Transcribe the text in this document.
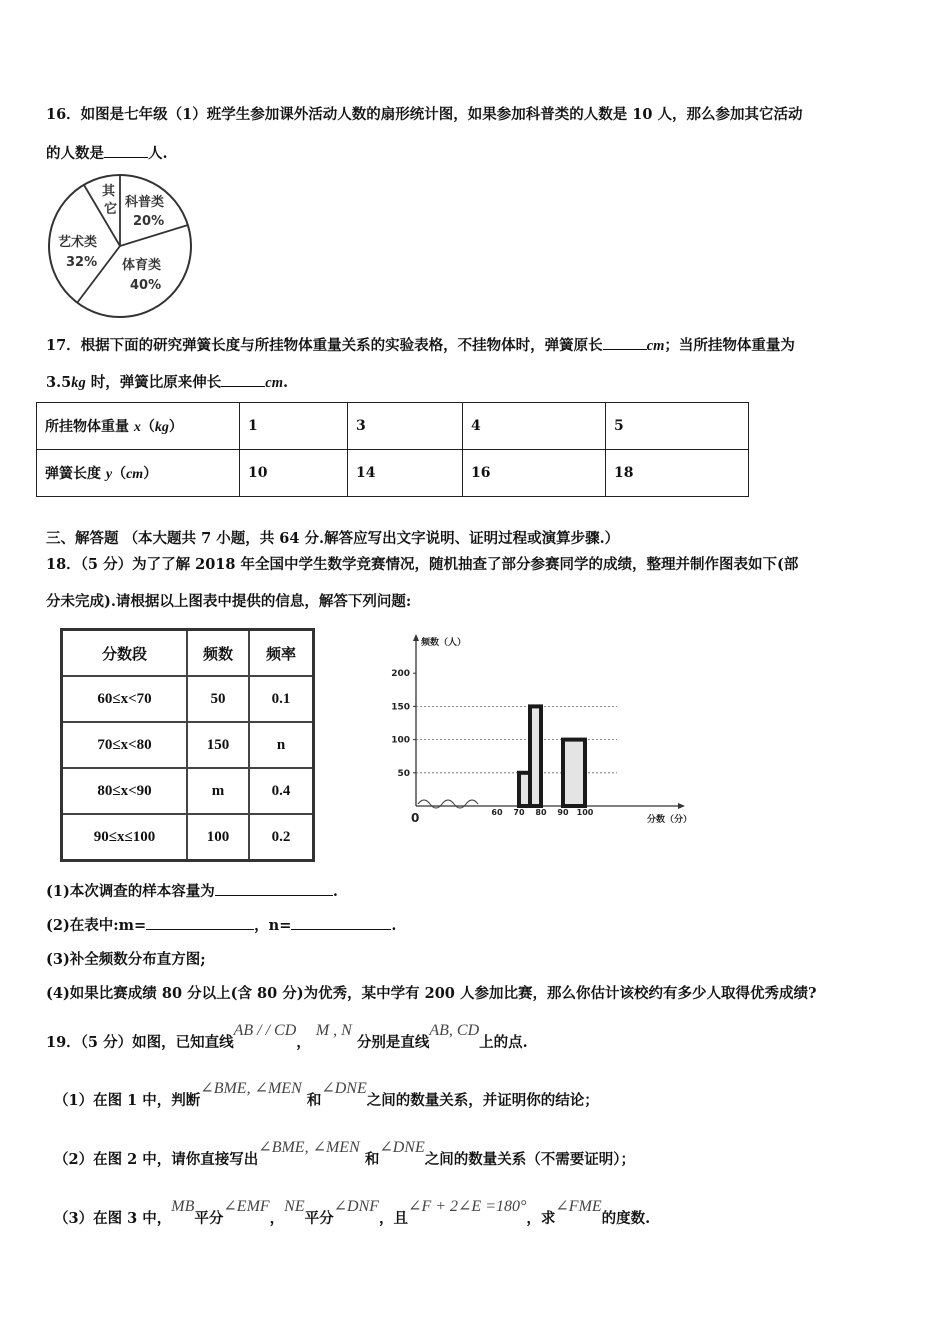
16．如图是七年级（1）班学生参加课外活动人数的扇形统计图，如果参加科普类的人数是 10 人，那么参加其它活动
的人数是	人.
其
它 科普类
20%
艺术类
32% 体育类
40%
17．根据下面的研究弹簧长度与所挂物体重量关系的实验表格，不挂物体时，弹簧原长	cm；当所挂物体重量为
3.5kg 时，弹簧比原来伸长	cm.
所挂物体重量 x（kg）	1	3	4	5
弹簧长度 y（cm）	10	14	16	18
三、解答题 （本大题共 7 小题，共 64 分.解答应写出文字说明、证明过程或演算步骤.）
18．（5 分）为了了解 2018 年全国中学生数学竞赛情况，随机抽查了部分参赛同学的成绩，整理并制作图表如下(部
分未完成).请根据以上图表中提供的信息，解答下列问题:
分数段	频数	频率
60≤x<70	50	0.1
70≤x<80	150	n
80≤x<90	m	0.4
90≤x≤100	100	0.2
频数（人）
0	分数（分）
50
100
150
200
60 70 80 90 100
(1)本次调查的样本容量为	.
(2)在表中:m=	，n=	.
(3)补全频数分布直方图;
(4)如果比赛成绩 80 分以上(含 80 分)为优秀，某中学有 200 人参加比赛，那么你估计该校约有多少人取得优秀成绩?
19．（5 分）如图，已知直线AB / / CD， M , N 分别是直线AB, CD上的点.
（1）在图 1 中，判断∠BME, ∠MEN 和∠DNE之间的数量关系，并证明你的结论；
（2）在图 2 中，请你直接写出∠BME, ∠MEN 和∠DNE之间的数量关系（不需要证明）；
（3）在图 3 中，MB平分∠EMF，NE平分∠DNF，且∠F + 2∠E =180°，求∠FME的度数.
